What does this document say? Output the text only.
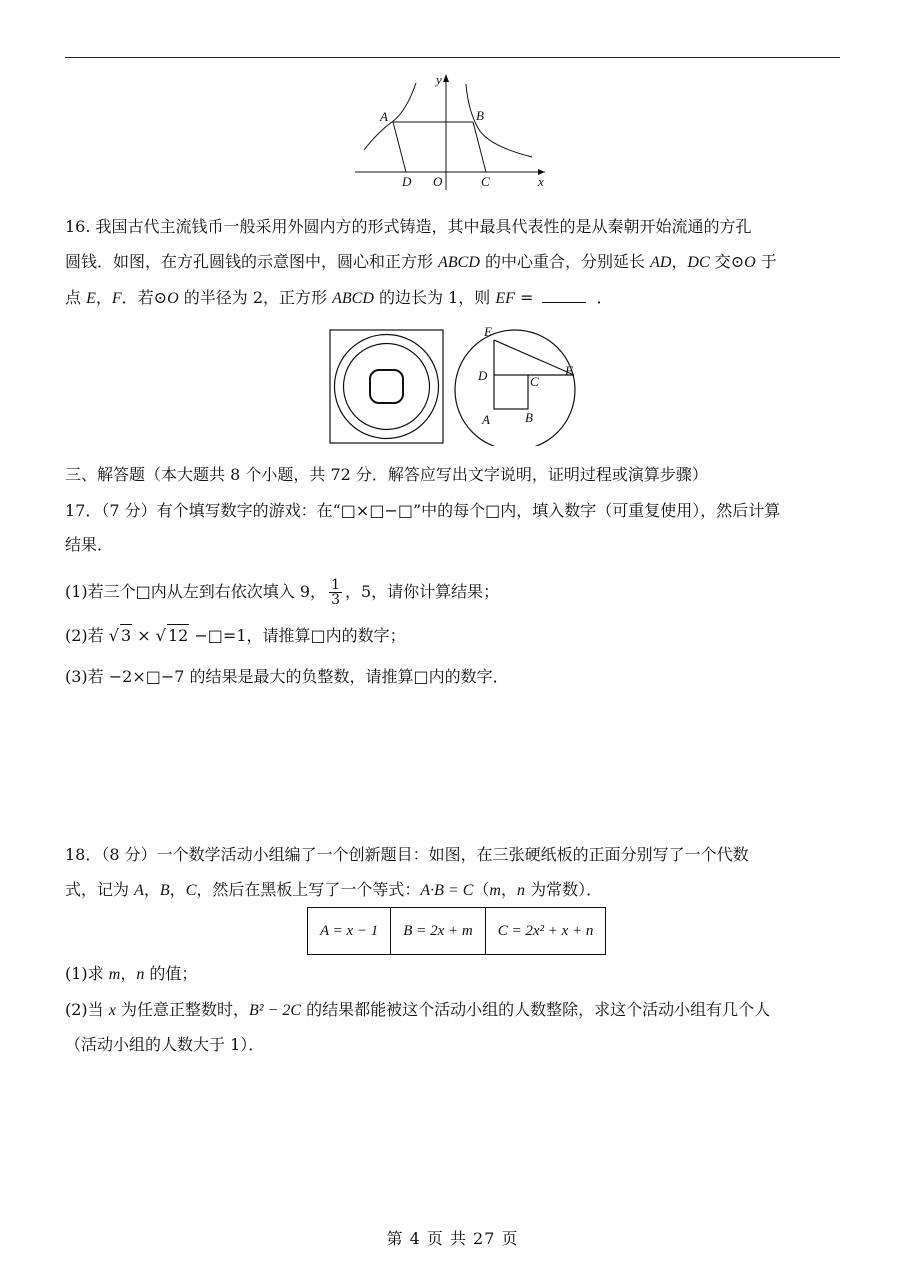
y
x
A	B
D O	C
16. 我国古代主流钱币一般采用外圆内方的形式铸造，其中最具代表性的是从秦朝开始流通的方孔
圆钱．如图，在方孔圆钱的示意图中，圆心和正方形 ABCD 的中心重合，分别延长 AD，DC 交⊙O 于
点 E，F．若⊙O 的半径为 2，正方形 ABCD 的边长为 1，则 EF =	．
E
F
D	C
A	B
三、解答题（本大题共 8 个小题，共 72 分．解答应写出文字说明，证明过程或演算步骤）
17．（7 分）有个填写数字的游戏：在“□×□−□”中的每个□内，填入数字（可重复使用），然后计算
结果．
(1)若三个□内从左到右依次填入 9， $\frac{1}{3}$ ，5，请你计算结果；
(2)若 √ 3 × √ 12 −□=1，请推算□内的数字；
(3)若 −2×□−7 的结果是最大的负整数，请推算□内的数字．
18．（8 分）一个数学活动小组编了一个创新题目：如图，在三张硬纸板的正面分别写了一个代数
式，记为 A，B，C，然后在黑板上写了一个等式：A·B = C（m，n 为常数）．
A = x − 1	B = 2x + m	C = 2x² + x + n
(1)求 m，n 的值；
(2)当 x 为任意正整数时，B² − 2C 的结果都能被这个活动小组的人数整除，求这个活动小组有几个人
（活动小组的人数大于 1）．
第 4 页 共 27 页
